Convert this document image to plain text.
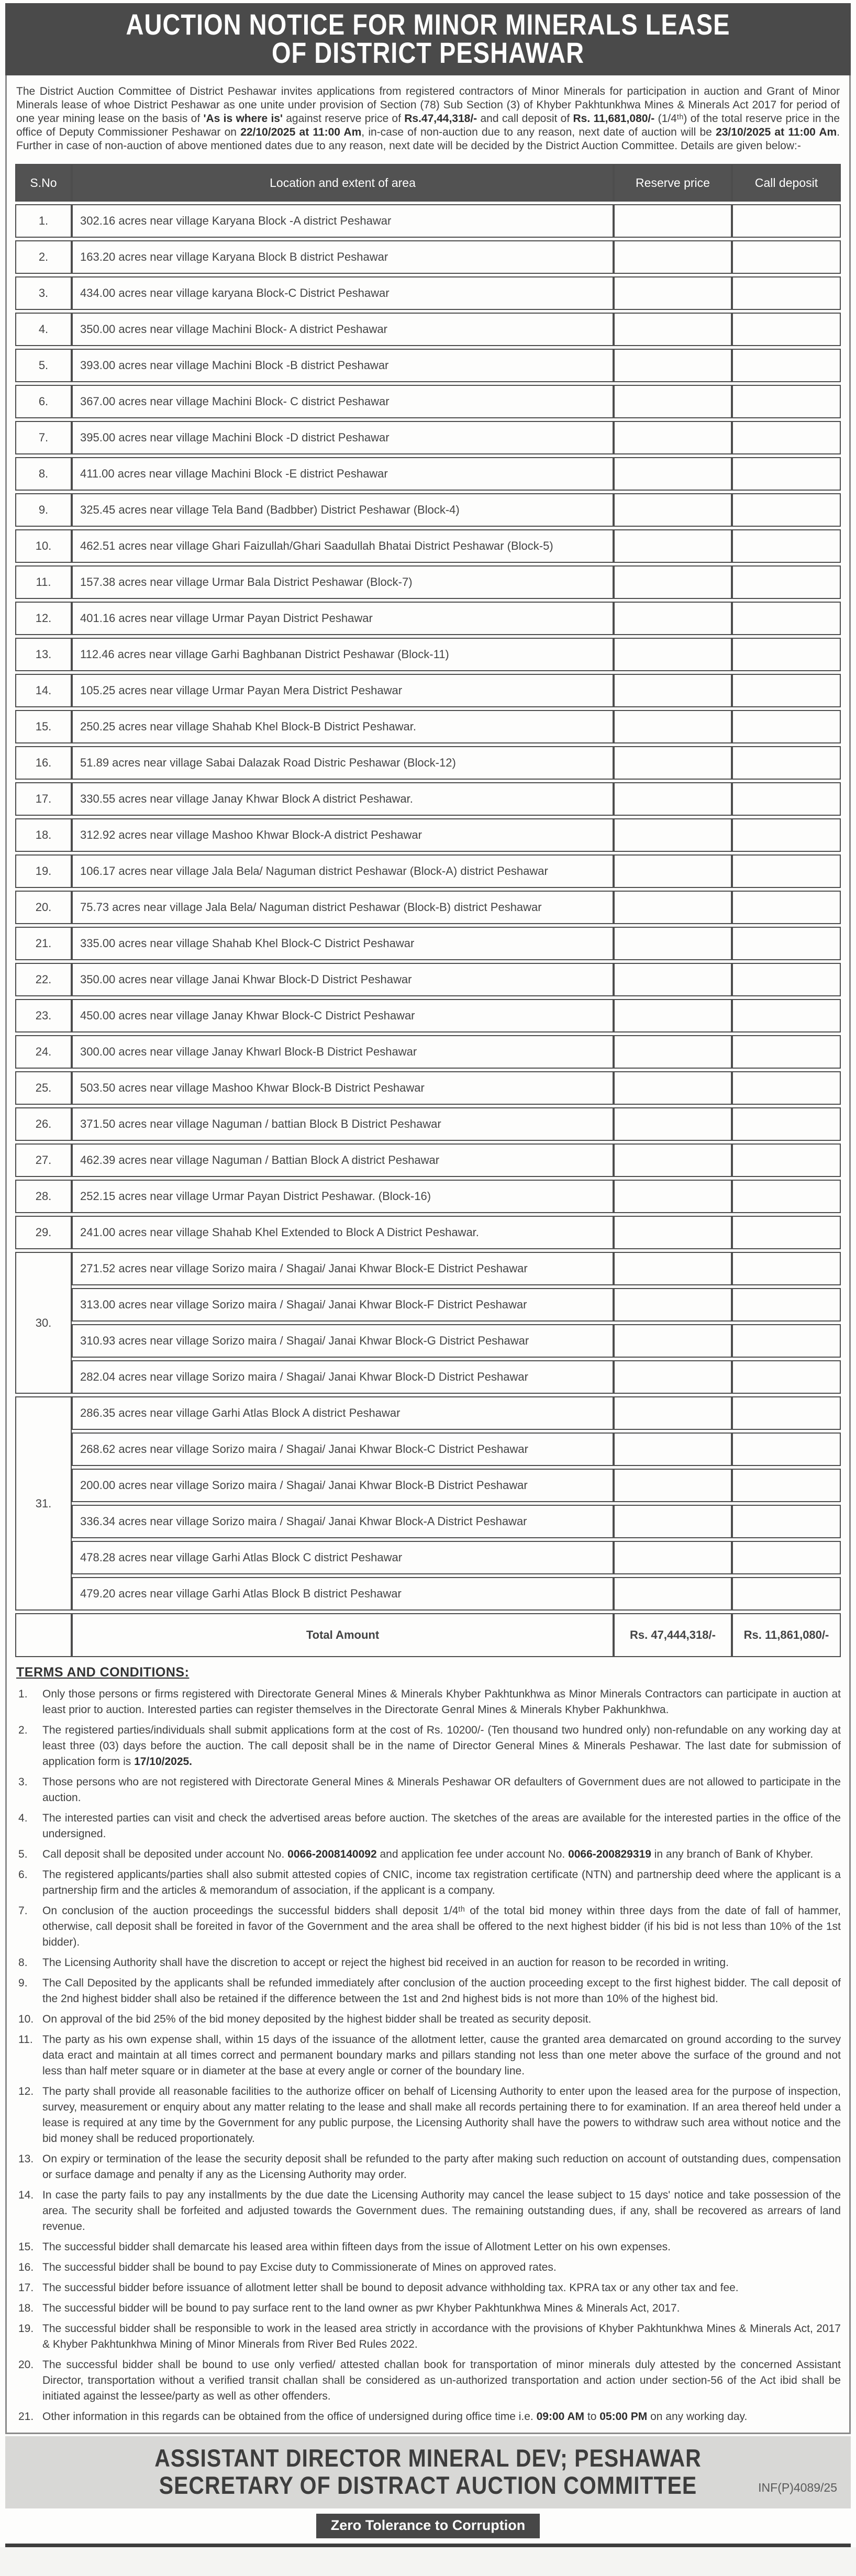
AUCTION NOTICE FOR MINOR MINERALS LEASE
OF DISTRICT PESHAWAR

The District Auction Committee of District Peshawar invites applications from registered contractors of Minor Minerals for participation in auction and Grant of Minor Minerals lease of whoe District Peshawar as one unite under provision of Section (78) Sub Section (3) of Khyber Pakhtunkhwa Mines & Minerals Act 2017 for period of one year mining lease on the basis of 'As is where is' against reserve price of Rs.47,44,318/- and call deposit of Rs. 11,681,080/- (1/4ᵗʰ) of the total reserve price in the office of Deputy Commissioner Peshawar on 22/10/2025 at 11:00 Am, in-case of non-auction due to any reason, next date of auction will be 23/10/2025 at 11:00 Am. Further in case of non-auction of above mentioned dates due to any reason, next date will be decided by the District Auction Committee. Details are given below:-

S.No	Location and extent of area	Reserve price	Call deposit
1.	302.16 acres near village Karyana Block -A district Peshawar		
2.	163.20 acres near village Karyana Block B district Peshawar		
3.	434.00 acres near village karyana Block-C District Peshawar		
4.	350.00 acres near village Machini Block- A district Peshawar		
5.	393.00 acres near village Machini Block -B district Peshawar		
6.	367.00 acres near village Machini Block- C district Peshawar		
7.	395.00 acres near village Machini Block -D district Peshawar		
8.	411.00 acres near village Machini Block -E district Peshawar		
9.	325.45 acres near village Tela Band (Badbber) District Peshawar (Block-4)		
10.	462.51 acres near village Ghari Faizullah/Ghari Saadullah Bhatai District Peshawar (Block-5)		
11.	157.38 acres near village Urmar Bala District Peshawar (Block-7)		
12.	401.16 acres near village Urmar Payan District Peshawar		
13.	112.46 acres near village Garhi Baghbanan District Peshawar (Block-11)		
14.	105.25 acres near village Urmar Payan Mera District Peshawar		
15.	250.25 acres near village Shahab Khel Block-B District Peshawar.		
16.	51.89 acres near village Sabai Dalazak Road Distric Peshawar (Block-12)		
17.	330.55 acres near village Janay Khwar Block A district Peshawar.		
18.	312.92 acres near village Mashoo Khwar Block-A district Peshawar		
19.	106.17 acres near village Jala Bela/ Naguman district Peshawar (Block-A) district Peshawar		
20.	75.73 acres near village Jala Bela/ Naguman district Peshawar (Block-B) district Peshawar		
21.	335.00 acres near village Shahab Khel Block-C District Peshawar		
22.	350.00 acres near village Janai Khwar Block-D District Peshawar		
23.	450.00 acres near village Janay Khwar Block-C District Peshawar		
24.	300.00 acres near village Janay Khwarl Block-B District Peshawar		
25.	503.50 acres near village Mashoo Khwar Block-B District Peshawar		
26.	371.50 acres near village Naguman / battian Block B District Peshawar		
27.	462.39 acres near village Naguman / Battian Block A district Peshawar		
28.	252.15 acres near village Urmar Payan District Peshawar. (Block-16)		
29.	241.00 acres near village Shahab Khel Extended to Block A District Peshawar.		
30.	271.52 acres near village Sorizo maira / Shagai/ Janai Khwar Block-E District Peshawar		
	313.00 acres near village Sorizo maira / Shagai/ Janai Khwar Block-F District Peshawar		
	310.93 acres near village Sorizo maira / Shagai/ Janai Khwar Block-G District Peshawar		
	282.04 acres near village Sorizo maira / Shagai/ Janai Khwar Block-D District Peshawar		
31.	286.35 acres near village Garhi Atlas Block A district Peshawar		
	268.62 acres near village Sorizo maira / Shagai/ Janai Khwar Block-C District Peshawar		
	200.00 acres near village Sorizo maira / Shagai/ Janai Khwar Block-B District Peshawar		
	336.34 acres near village Sorizo maira / Shagai/ Janai Khwar Block-A District Peshawar		
	478.28 acres near village Garhi Atlas Block C district Peshawar		
	479.20 acres near village Garhi Atlas Block B district Peshawar		
	Total Amount	Rs. 47,444,318/-	Rs. 11,861,080/-
TERMS AND CONDITIONS:
Only those persons or firms registered with Directorate General Mines & Minerals Khyber Pakhtunkhwa as Minor Minerals Contractors can participate in auction at least prior to auction. Interested parties can register themselves in the Directorate Genral Mines & Minerals Khyber Pakhunkhwa.
The registered parties/individuals shall submit applications form at the cost of Rs. 10200/- (Ten thousand two hundred only) non-refundable on any working day at least three (03) days before the auction. The call deposit shall be in the name of Director General Mines & Minerals Peshawar. The last date for submission of application form is 17/10/2025.
Those persons who are not registered with Directorate General Mines & Minerals Peshawar OR defaulters of Government dues are not allowed to participate in the auction.
The interested parties can visit and check the advertised areas before auction. The sketches of the areas are available for the interested parties in the office of the undersigned.
Call deposit shall be deposited under account No. 0066-2008140092 and application fee under account No. 0066-200829319 in any branch of Bank of Khyber.
The registered applicants/parties shall also submit attested copies of CNIC, income tax registration certificate (NTN) and partnership deed where the applicant is a partnership firm and the articles & memorandum of association, if the applicant is a company.
On conclusion of the auction proceedings the successful bidders shall deposit 1/4ᵗʰ of the total bid money within three days from the date of fall of hammer, otherwise, call deposit shall be foreited in favor of the Government and the area shall be offered to the next highest bidder (if his bid is not less than 10% of the 1st bidder).
The Licensing Authority shall have the discretion to accept or reject the highest bid received in an auction for reason to be recorded in writing.
The Call Deposited by the applicants shall be refunded immediately after conclusion of the auction proceeding except to the first highest bidder. The call deposit of the 2nd highest bidder shall also be retained if the difference between the 1st and 2nd highest bids is not more than 10% of the highest bid.
On approval of the bid 25% of the bid money deposited by the highest bidder shall be treated as security deposit.
The party as his own expense shall, within 15 days of the issuance of the allotment letter, cause the granted area demarcated on ground according to the survey data eract and maintain at all times correct and permanent boundary marks and pillars standing not less than one meter above the surface of the ground and not less than half meter square or in diameter at the base at every angle or corner of the boundary line.
The party shall provide all reasonable facilities to the authorize officer on behalf of Licensing Authority to enter upon the leased area for the purpose of inspection, survey, measurement or enquiry about any matter relating to the lease and shall make all records pertaining there to for examination. If an area thereof held under a lease is required at any time by the Government for any public purpose, the Licensing Authority shall have the powers to withdraw such area without notice and the bid money shall be reduced proportionately.
On expiry or termination of the lease the security deposit shall be refunded to the party after making such reduction on account of outstanding dues, compensation or surface damage and penalty if any as the Licensing Authority may order.
In case the party fails to pay any installments by the due date the Licensing Authority may cancel the lease subject to 15 days' notice and take possession of the area. The security shall be forfeited and adjusted towards the Government dues. The remaining outstanding dues, if any, shall be recovered as arrears of land revenue.
The successful bidder shall demarcate his leased area within fifteen days from the issue of Allotment Letter on his own expenses.
The successful bidder shall be bound to pay Excise duty to Commissionerate of Mines on approved rates.
The successful bidder before issuance of allotment letter shall be bound to deposit advance withholding tax. KPRA tax or any other tax and fee.
The successful bidder will be bound to pay surface rent to the land owner as pwr Khyber Pakhtunkhwa Mines & Minerals Act, 2017.
The successful bidder shall be responsible to work in the leased area strictly in accordance with the provisions of Khyber Pakhtunkhwa Mines & Minerals Act, 2017 & Khyber Pakhtunkhwa Mining of Minor Minerals from River Bed Rules 2022.
The successful bidder shall be bound to use only verfied/ attested challan book for transportation of minor minerals duly attested by the concerned Assistant Director, transportation without a verified transit challan shall be considered as un-authorized transportation and action under section-56 of the Act ibid shall be initiated against the lessee/party as well as other offenders.
Other information in this regards can be obtained from the office of undersigned during office time i.e. 09:00 AM to 05:00 PM on any working day.
ASSISTANT DIRECTOR MINERAL DEV; PESHAWAR
SECRETARY OF DISTRACT AUCTION COMMITTEE	INF(P)4089/25
Zero Tolerance to Corruption
